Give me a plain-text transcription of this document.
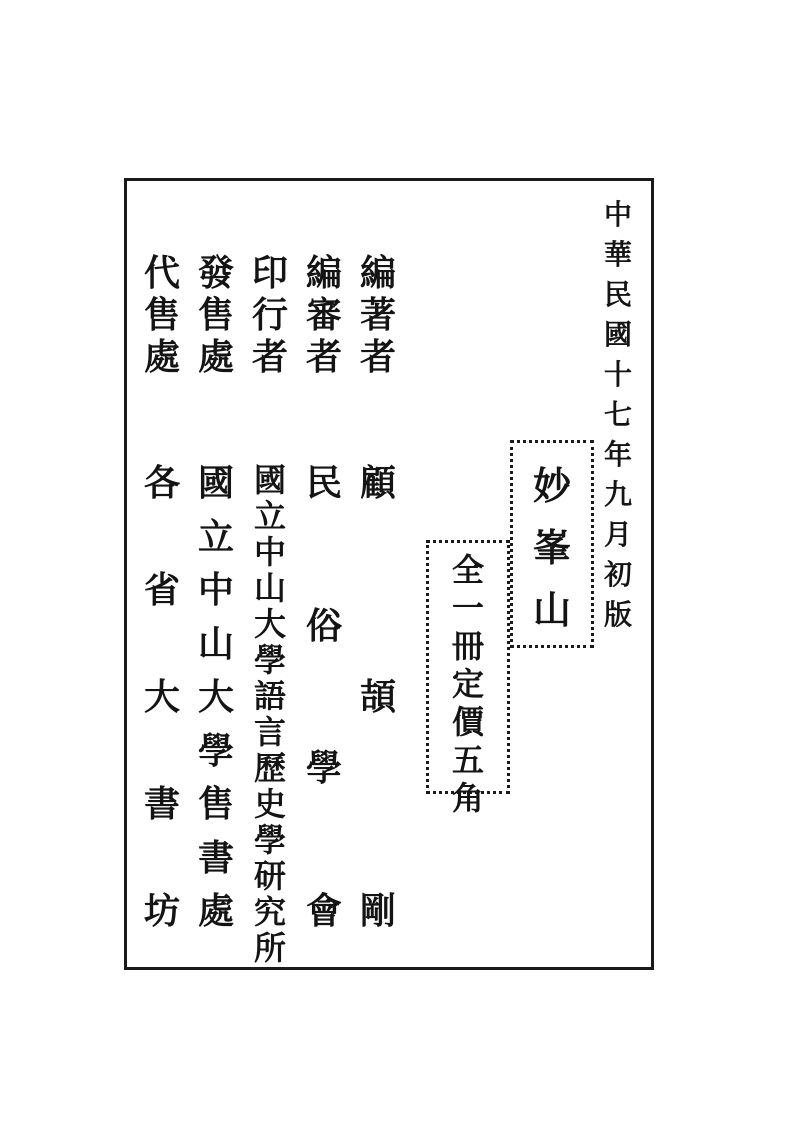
中
華
民
國
十
七
年
九
月
初
版
妙
峯
山
全
一
冊
定
價
五
角
編
著
者
編
審
者
印
行
者
發
售
處
代
售
處
顧
頡
剛
民
俗
學
會
國
立
中
山
大
學
語
言
歷
史
學
研
究
所
國
立
中
山
大
學
售
書
處
各
省
大
書
坊
